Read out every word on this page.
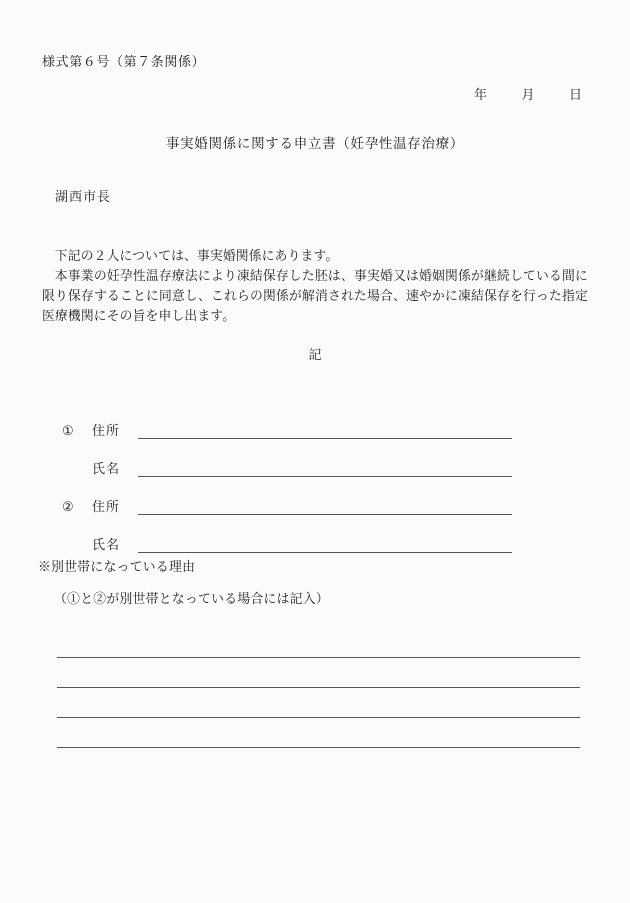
様式第６号（第７条関係）
年	月	日
事実婚関係に関する申立書（妊孕性温存治療）
湖西市長

下記の２人については、事実婚関係にあります。

本事業の妊孕性温存療法により凍結保存した胚は、事実婚又は婚姻関係が継続している間に限り保存することに同意し、これらの関係が解消された場合、速やかに凍結保存を行った指定医療機関にその旨を申し出ます。

記
①	住所
氏名
②	住所
氏名
※別世帯になっている理由
（①と②が別世帯となっている場合には記入）
